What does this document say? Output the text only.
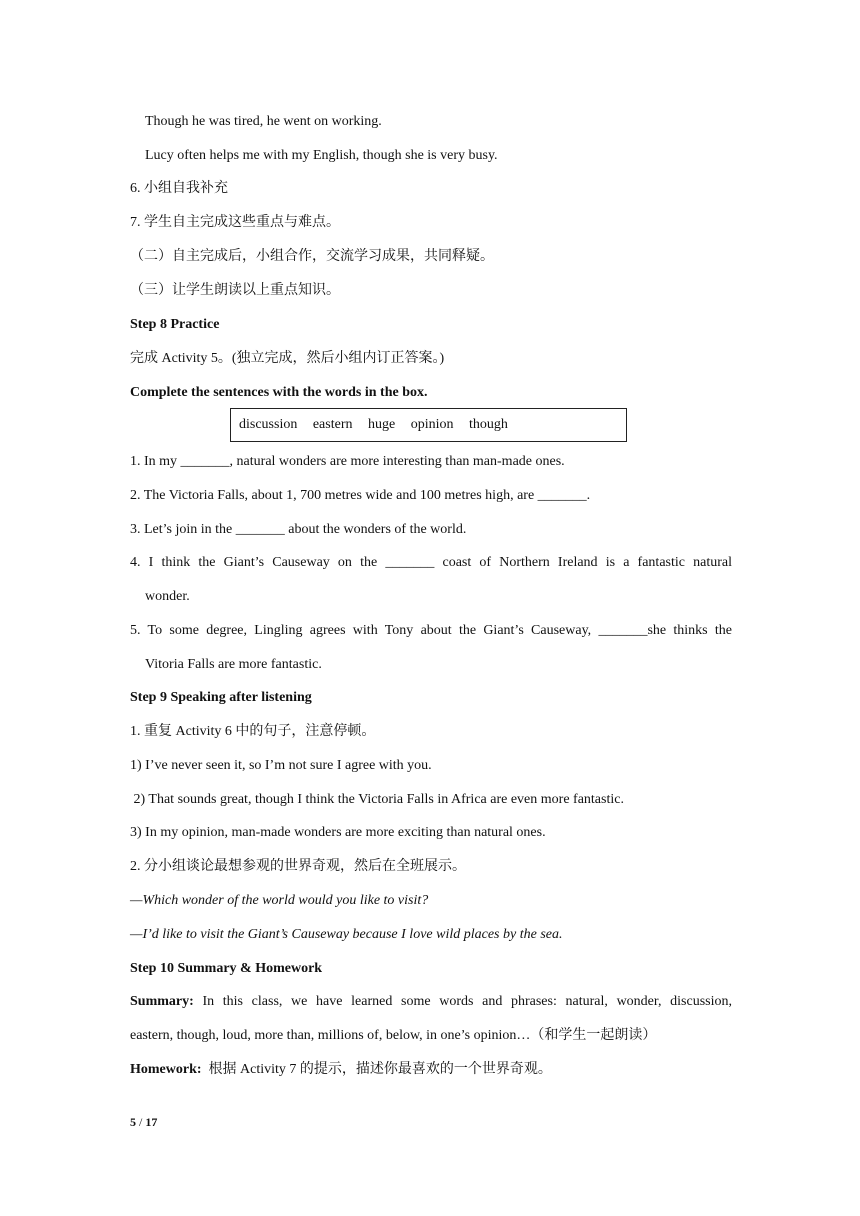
Though he was tired, he went on working.
Lucy often helps me with my English, though she is very busy.
6. 小组自我补充
7. 学生自主完成这些重点与难点。
（二）自主完成后，小组合作，交流学习成果，共同释疑。
（三）让学生朗读以上重点知识。
Step 8 Practice
完成 Activity 5。(独立完成，然后小组内订正答案。)
Complete the sentences with the words in the box.
discussion eastern huge opinion though
1. In my _______, natural wonders are more interesting than man-made ones.
2. The Victoria Falls, about 1, 700 metres wide and 100 metres high, are _______.
3. Let’s join in the _______ about the wonders of the world.
4. I think the Giant’s Causeway on the _______ coast of Northern Ireland is a fantastic natural
wonder.
5. To some degree, Lingling agrees with Tony about the Giant’s Causeway, _______she thinks the
Vitoria Falls are more fantastic.
Step 9 Speaking after listening
1. 重复 Activity 6 中的句子，注意停顿。
1) I’ve never seen it, so I’m not sure I agree with you.
2) That sounds great, though I think the Victoria Falls in Africa are even more fantastic.
3) In my opinion, man-made wonders are more exciting than natural ones.
2. 分小组谈论最想参观的世界奇观，然后在全班展示。
—Which wonder of the world would you like to visit?
—I’d like to visit the Giant’s Causeway because I love wild places by the sea.
Step 10 Summary & Homework
Summary: In this class, we have learned some words and phrases: natural, wonder, discussion,
eastern, though, loud, more than, millions of, below, in one’s opinion…（和学生一起朗读）
Homework:  根据 Activity 7 的提示，描述你最喜欢的一个世界奇观。
5 / 17
